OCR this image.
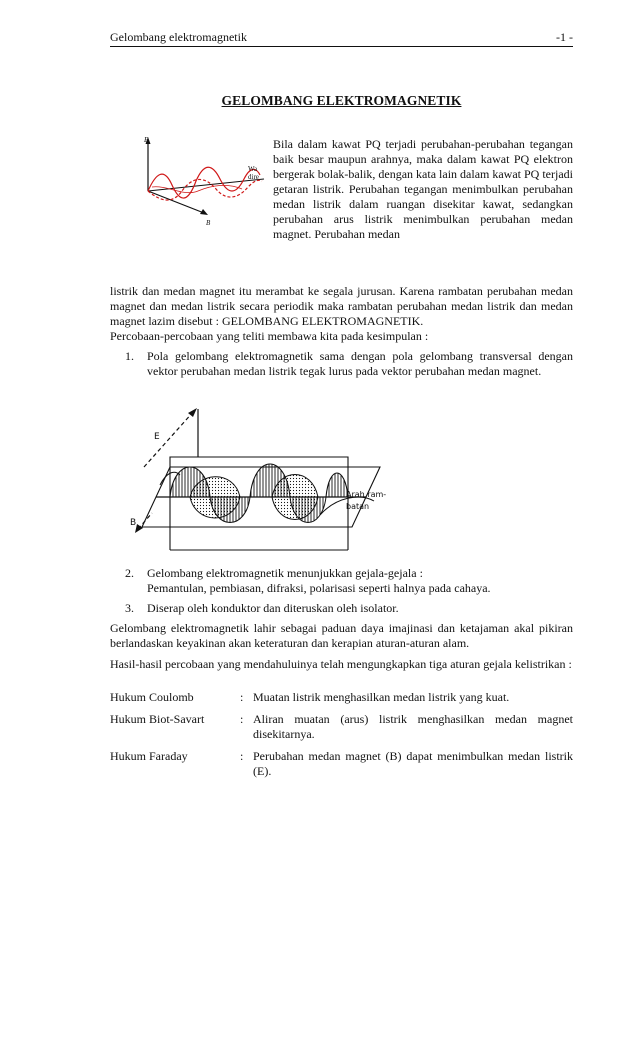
Gelombang elektromagnetik	-1 -
GELOMBANG ELEKTROMAGNETIK
E
B
Wa
dire

Bila dalam kawat PQ terjadi perubahan-perubahan tegangan baik besar maupun arahnya, maka dalam kawat PQ elektron bergerak bolak-balik, dengan kata lain dalam kawat PQ terjadi getaran listrik. Perubahan tegangan menimbulkan perubahan medan listrik dalam ruangan disekitar kawat, sedangkan perubahan arus listrik menimbulkan perubahan medan magnet. Perubahan medan

listrik dan medan magnet itu merambat ke segala jurusan. Karena rambatan perubahan medan magnet dan medan listrik secara periodik maka rambatan perubahan medan listrik dan medan magnet lazim disebut : GELOMBANG ELEKTROMAGNETIK.

Percobaan-percobaan yang teliti membawa kita pada kesimpulan :

1. Pola gelombang elektromagnetik sama dengan pola gelombang transversal dengan vektor perubahan medan listrik tegak lurus pada vektor perubahan medan magnet.
E
B
Arah ram-
batan
2. Gelombang elektromagnetik menunjukkan gejala-gejala :
Pemantulan, pembiasan, difraksi, polarisasi seperti halnya pada cahaya.
3. Diserap oleh konduktor dan diteruskan oleh isolator.

Gelombang elektromagnetik lahir sebagai paduan daya imajinasi dan ketajaman akal pikiran berlandaskan keyakinan akan keteraturan dan kerapian aturan-aturan alam.

Hasil-hasil percobaan yang mendahuluinya telah mengungkapkan tiga aturan gejala kelistrikan :

Hukum Coulomb	: Muatan listrik menghasilkan medan listrik yang kuat.
Hukum Biot-Savart	: Aliran muatan (arus) listrik menghasilkan medan magnet disekitarnya.
Hukum Faraday	: Perubahan medan magnet (B) dapat menimbulkan medan listrik (E).
